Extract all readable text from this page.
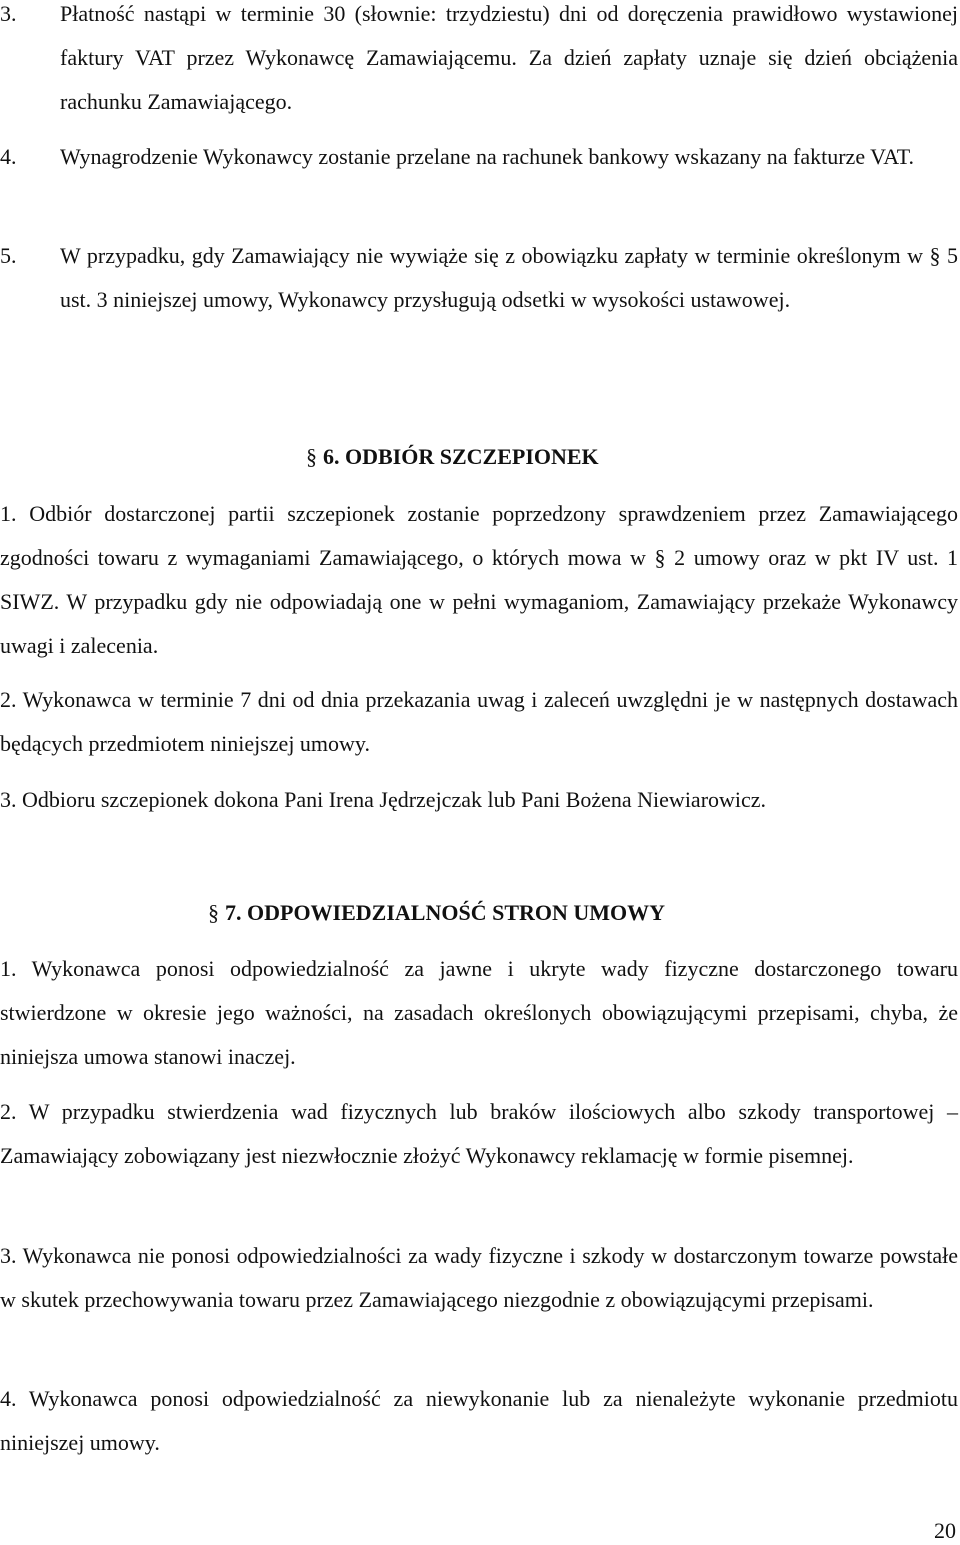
3. Płatność nastąpi w terminie 30 (słownie: trzydziestu) dni od doręczenia prawidłowo wystawionej faktury VAT przez Wykonawcę Zamawiającemu. Za dzień zapłaty uznaje się dzień obciążenia rachunku Zamawiającego.

4. Wynagrodzenie Wykonawcy zostanie przelane na rachunek bankowy wskazany na fakturze VAT.

5. W przypadku, gdy Zamawiający nie wywiąże się z obowiązku zapłaty w terminie określonym w § 5 ust. 3 niniejszej umowy, Wykonawcy przysługują odsetki w wysokości ustawowej.

§ 6. ODBIÓR SZCZEPIONEK

1. Odbiór dostarczonej partii szczepionek zostanie poprzedzony sprawdzeniem przez Zamawiającego zgodności towaru z wymaganiami Zamawiającego, o których mowa w § 2 umowy oraz w pkt IV ust. 1 SIWZ. W przypadku gdy nie odpowiadają one w pełni wymaganiom, Zamawiający przekaże Wykonawcy uwagi i zalecenia.

2. Wykonawca w terminie 7 dni od dnia przekazania uwag i zaleceń uwzględni je w następnych dostawach będących przedmiotem niniejszej umowy.

3. Odbioru szczepionek dokona Pani Irena Jędrzejczak lub Pani Bożena Niewiarowicz.

§ 7. ODPOWIEDZIALNOŚĆ STRON UMOWY

1. Wykonawca ponosi odpowiedzialność za jawne i ukryte wady fizyczne dostarczonego towaru stwierdzone w okresie jego ważności, na zasadach określonych obowiązującymi przepisami, chyba, że niniejsza umowa stanowi inaczej.

2. W przypadku stwierdzenia wad fizycznych lub braków ilościowych albo szkody transportowej – Zamawiający zobowiązany jest niezwłocznie złożyć Wykonawcy reklamację w formie pisemnej.

3. Wykonawca nie ponosi odpowiedzialności za wady fizyczne i szkody w dostarczonym towarze powstałe w skutek przechowywania towaru przez Zamawiającego niezgodnie z obowiązującymi przepisami.

4. Wykonawca ponosi odpowiedzialność za niewykonanie lub za nienależyte wykonanie przedmiotu niniejszej umowy.

20
